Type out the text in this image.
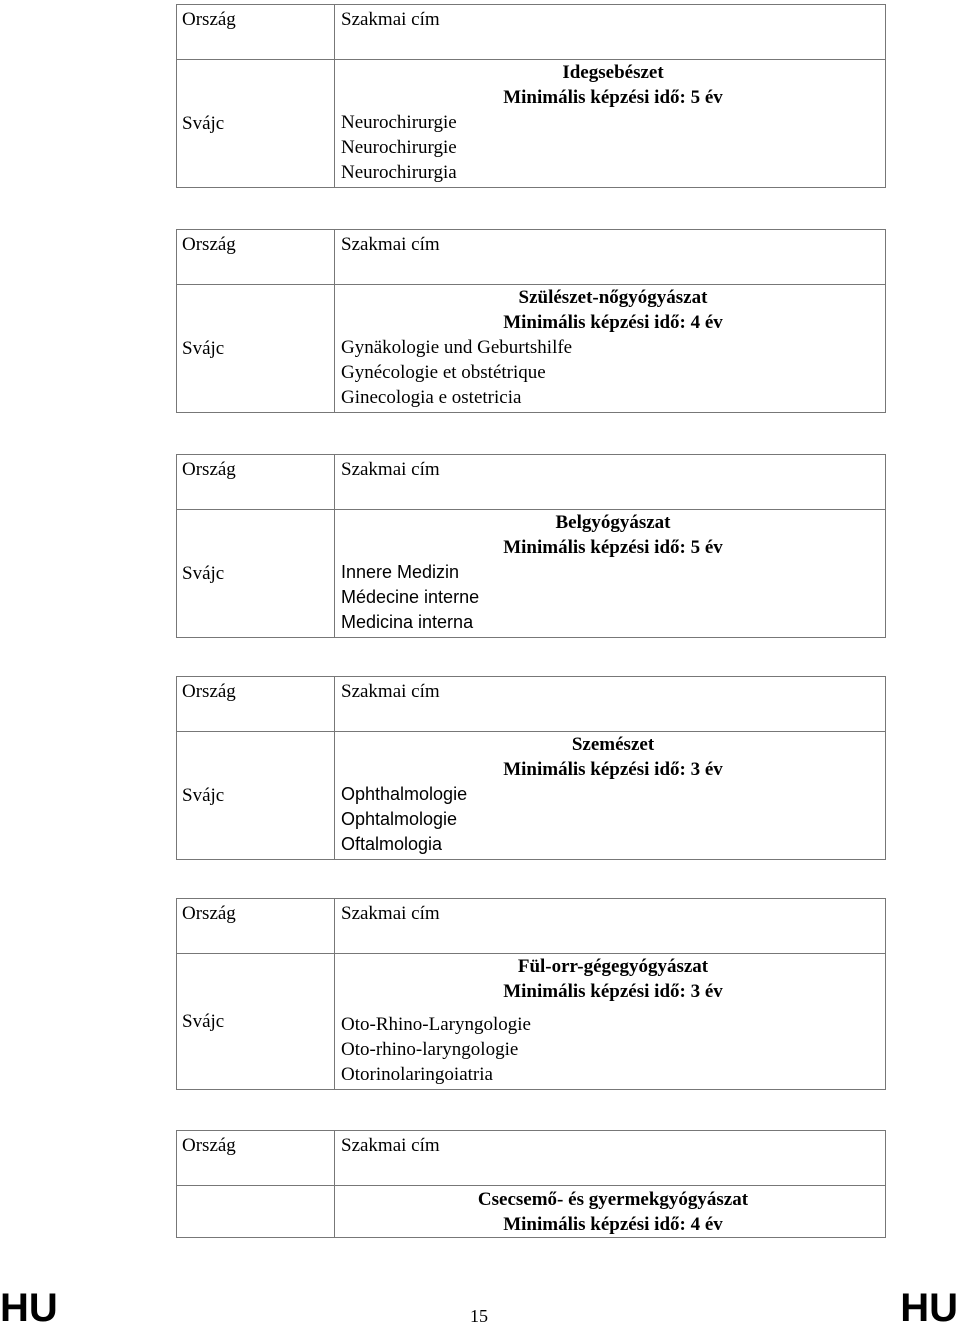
Ország	Szakmai cím
Svájc	Idegsebészet
Minimális képzési idő: 5 év
Neurochirurgie
Neurochirurgie
Neurochirurgia
Ország	Szakmai cím
Svájc	Szülészet-nőgyógyászat
Minimális képzési idő: 4 év
Gynäkologie und Geburtshilfe
Gynécologie et obstétrique
Ginecologia e ostetricia
Ország	Szakmai cím
Svájc	Belgyógyászat
Minimális képzési idő: 5 év
Innere Medizin
Médecine interne
Medicina interna
Ország	Szakmai cím
Svájc	Szemészet
Minimális képzési idő: 3 év
Ophthalmologie
Ophtalmologie
Oftalmologia
Ország	Szakmai cím
Svájc	Fül-orr-gégegyógyászat
Minimális képzési idő: 3 év
Oto-Rhino-Laryngologie
Oto-rhino-laryngologie
Otorinolaringoiatria
Ország	Szakmai cím

	Csecsemő- és gyermekgyógyászat
Minimális képzési idő: 4 év
HU	15	HU
